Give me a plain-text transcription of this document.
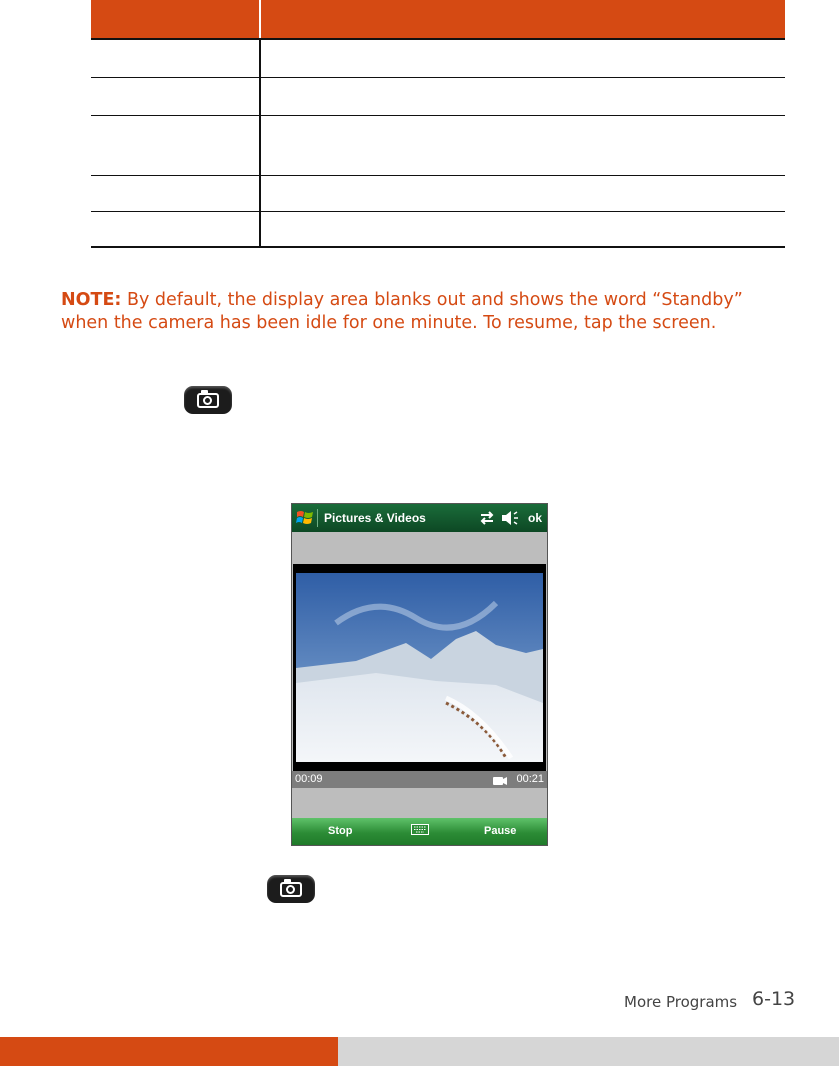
NOTE: By default, the display area blanks out and shows the word “Standby” when the camera has been idle for one minute. To resume, tap the screen.

Pictures & Videos	ok
00:09	00:21
Stop	Pause
More Programs 6-13
